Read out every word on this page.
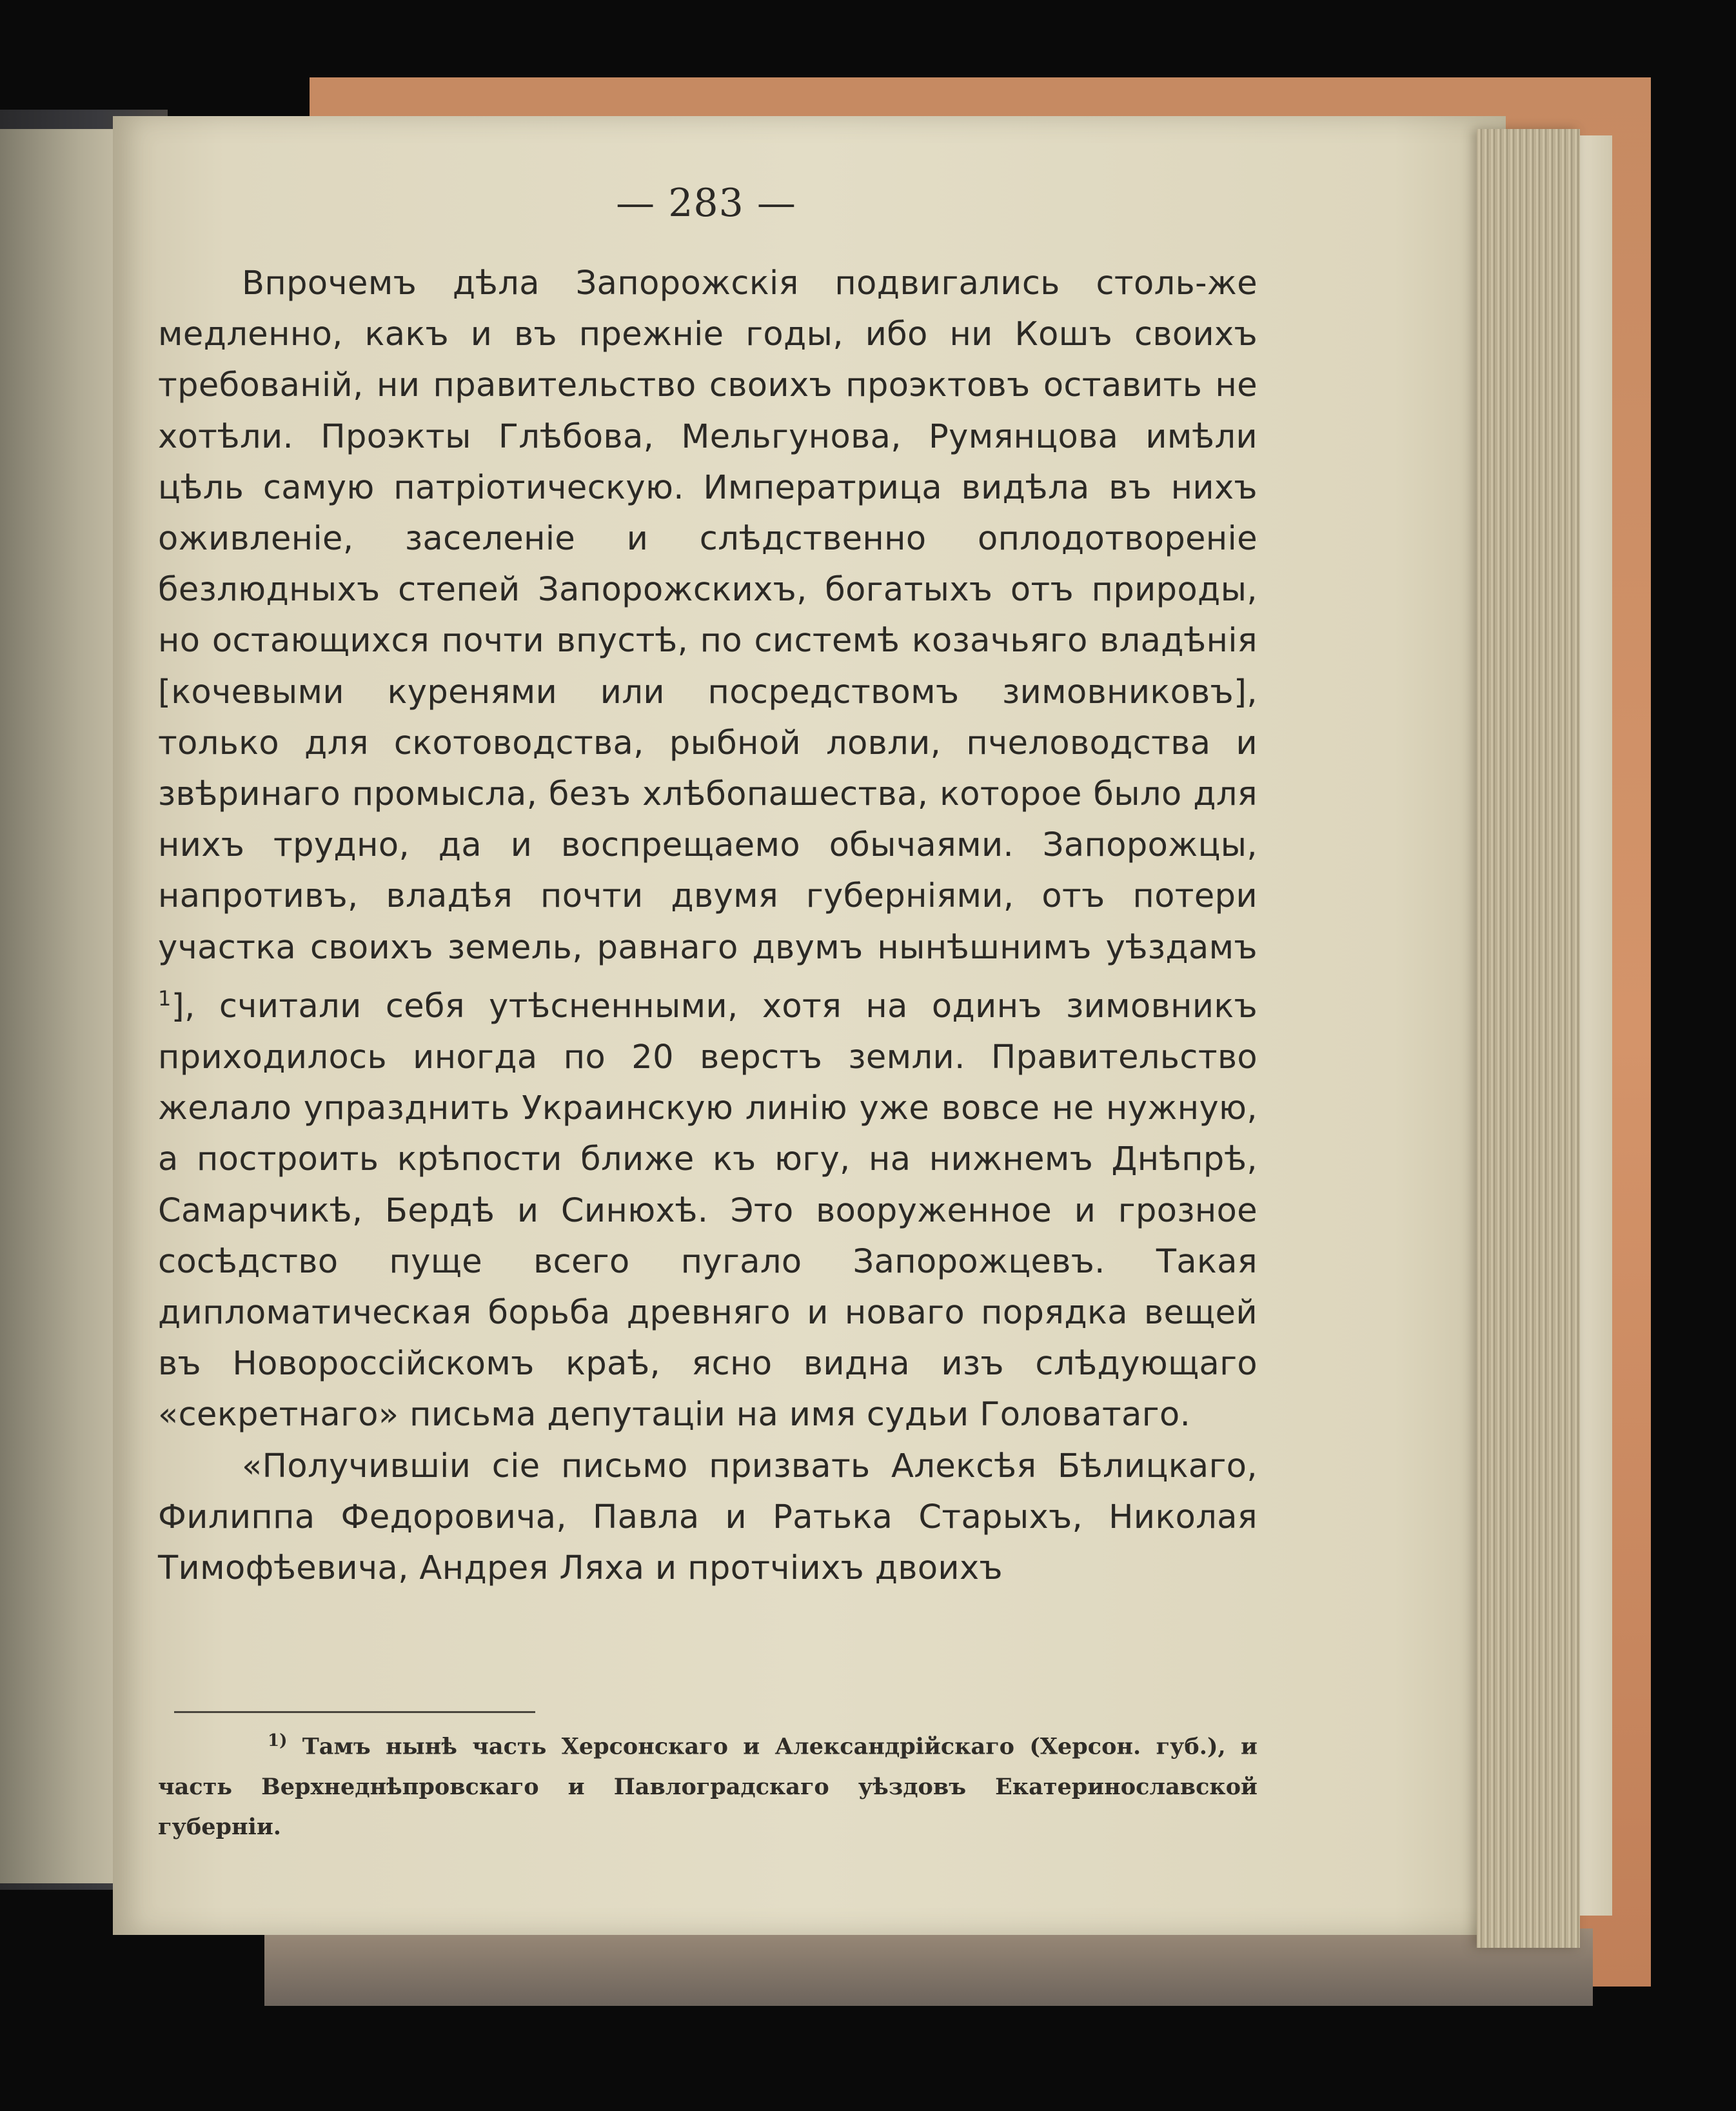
— 283 —

Впрочемъ дѣла Запорожскія подвигались столь-же медленно, какъ и въ прежніе годы, ибо ни Кошъ своихъ требованій, ни правительство своихъ проэктовъ оставить не хотѣли. Проэкты Глѣбова, Мельгунова, Румянцова имѣли цѣль самую патріотическую. Императрица видѣла въ нихъ оживленіе, заселеніе и слѣдственно оплодотвореніе безлюдныхъ степей Запорожскихъ, богатыхъ отъ природы, но остающихся почти впустѣ, по системѣ козачьяго владѣнія [кочевыми куренями или посредствомъ зимовниковъ], только для скотоводства, рыбной ловли, пчеловодства и звѣринаго промысла, безъ хлѣбопашества, которое было для нихъ трудно, да и воспрещаемо обычаями. Запорожцы, напротивъ, владѣя почти двумя губерніями, отъ потери участка своихъ земель, равнаго двумъ нынѣшнимъ уѣздамъ $^1$], считали себя утѣсненными, хотя на одинъ зимовникъ приходилось иногда по 20 верстъ земли. Правительство желало упразднить Украинскую линію уже вовсе не нужную, а построить крѣпости ближе къ югу, на нижнемъ Днѣпрѣ, Самарчикѣ, Бердѣ и Синюхѣ. Это вооруженное и грозное сосѣдство пуще всего пугало Запорожцевъ. Такая дипломатическая борьба древняго и новаго порядка вещей въ Новороссійскомъ краѣ, ясно видна изъ слѣдующаго «секретнаго» письма депутаціи на имя судьи Головатаго.

«Получившіи сіе письмо призвать Алексѣя Бѣлицкаго, Филиппа Федоровича, Павла и Ратька Старыхъ, Николая Тимофѣевича, Андрея Ляха и протчіихъ двоихъ

$^{1)}$ Тамъ нынѣ часть Херсонскаго и Александрійскаго (Херсон. губ.), и часть Верхнеднѣпровскаго и Павлоградскаго уѣздовъ Екатеринославской губерніи.
